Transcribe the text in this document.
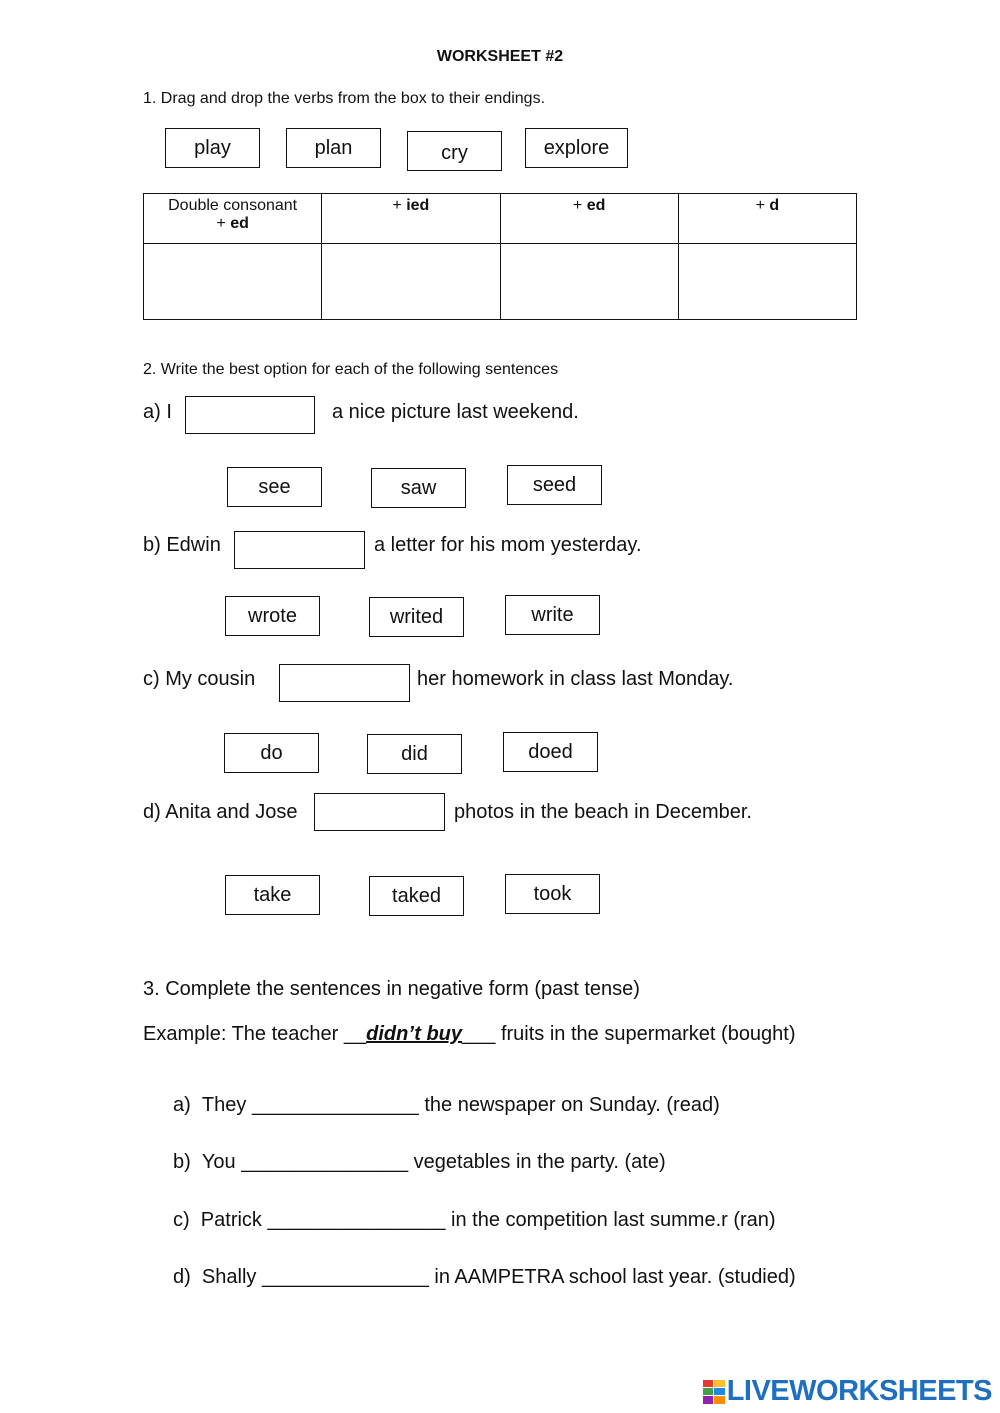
WORKSHEET #2
1. Drag and drop the verbs from the box to their endings.
play	plan	cry	explore
Double consonant
+ ed	+ ied	+ ed	+ d

2. Write the best option for each of the following sentences
a) I	a nice picture last weekend.
see	saw	seed
b) Edwin	a letter for his mom yesterday.
wrote	writed	write
c) My cousin	her homework in class last Monday.
do	did	doed
d) Anita and Jose	photos in the beach in December.
take	taked	took
3. Complete the sentences in negative form (past tense)
Example: The teacher __didn’t buy___ fruits in the supermarket (bought)
a) They _______________ the newspaper on Sunday. (read)
b) You _______________ vegetables in the party. (ate)
c) Patrick ________________ in the competition last summe.r (ran)
d) Shally _______________ in AAMPETRA school last year. (studied)
LIVEWORKSHEETS
